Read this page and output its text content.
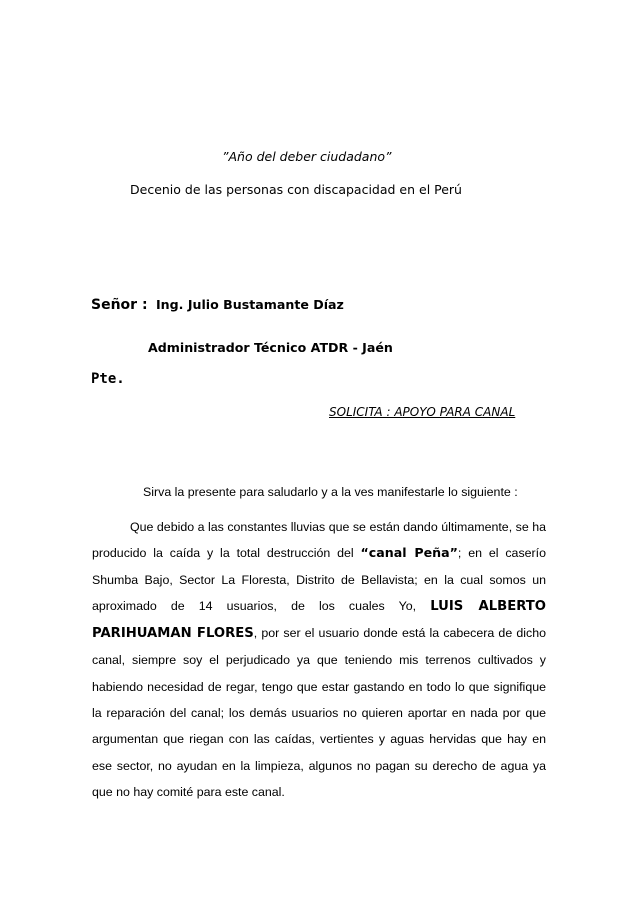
”Año del deber ciudadano”
Decenio de las personas con discapacidad en el Perú
Señor : Ing. Julio Bustamante Díaz
Administrador Técnico ATDR - Jaén
Pte.
SOLICITA : APOYO PARA CANAL
Sirva la presente para saludarlo y a la ves manifestarle lo siguiente :
Que debido a las constantes lluvias que se están dando últimamente, se ha producido la caída y la total destrucción del “canal Peña”; en el caserío Shumba Bajo, Sector La Floresta, Distrito de Bellavista; en la cual somos un aproximado de 14 usuarios, de los cuales Yo, LUIS ALBERTO PARIHUAMAN FLORES, por ser el usuario donde está la cabecera de dicho canal, siempre soy el perjudicado ya que teniendo mis terrenos cultivados y habiendo necesidad de regar, tengo que estar gastando en todo lo que signifique la reparación del canal; los demás usuarios no quieren aportar en nada por que argumentan que riegan con las caídas, vertientes y aguas hervidas que hay en ese sector, no ayudan en la limpieza, algunos no pagan su derecho de agua ya que no hay comité para este canal.
